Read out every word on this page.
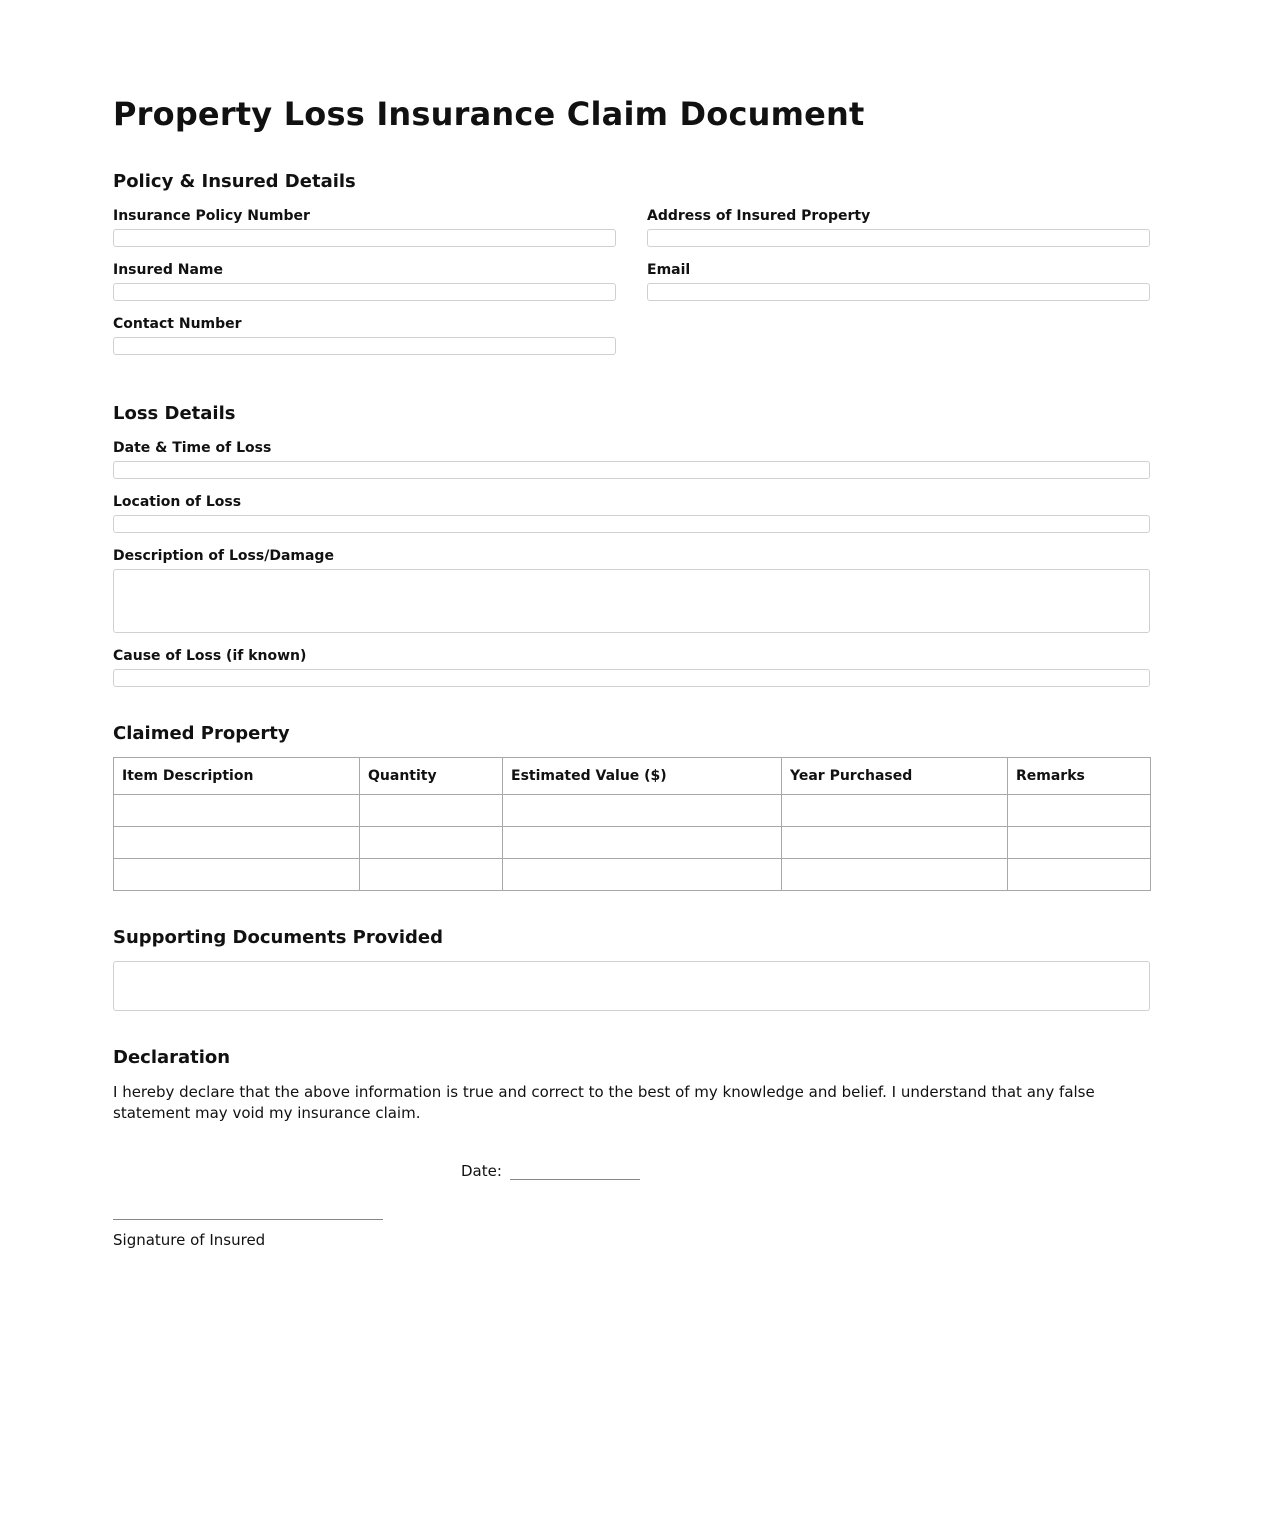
Property Loss Insurance Claim Document
Policy & Insured Details
Insurance Policy Number	Address of Insured Property
Insured Name	Email
Contact Number
Loss Details
Date & Time of Loss
Location of Loss
Description of Loss/Damage
Cause of Loss (if known)
Claimed Property
Item Description	Quantity	Estimated Value ($)	Year Purchased	Remarks

Supporting Documents Provided
Declaration

I hereby declare that the above information is true and correct to the best of my knowledge and belief. I understand that any false statement may void my insurance claim.

Date:
Signature of Insured
